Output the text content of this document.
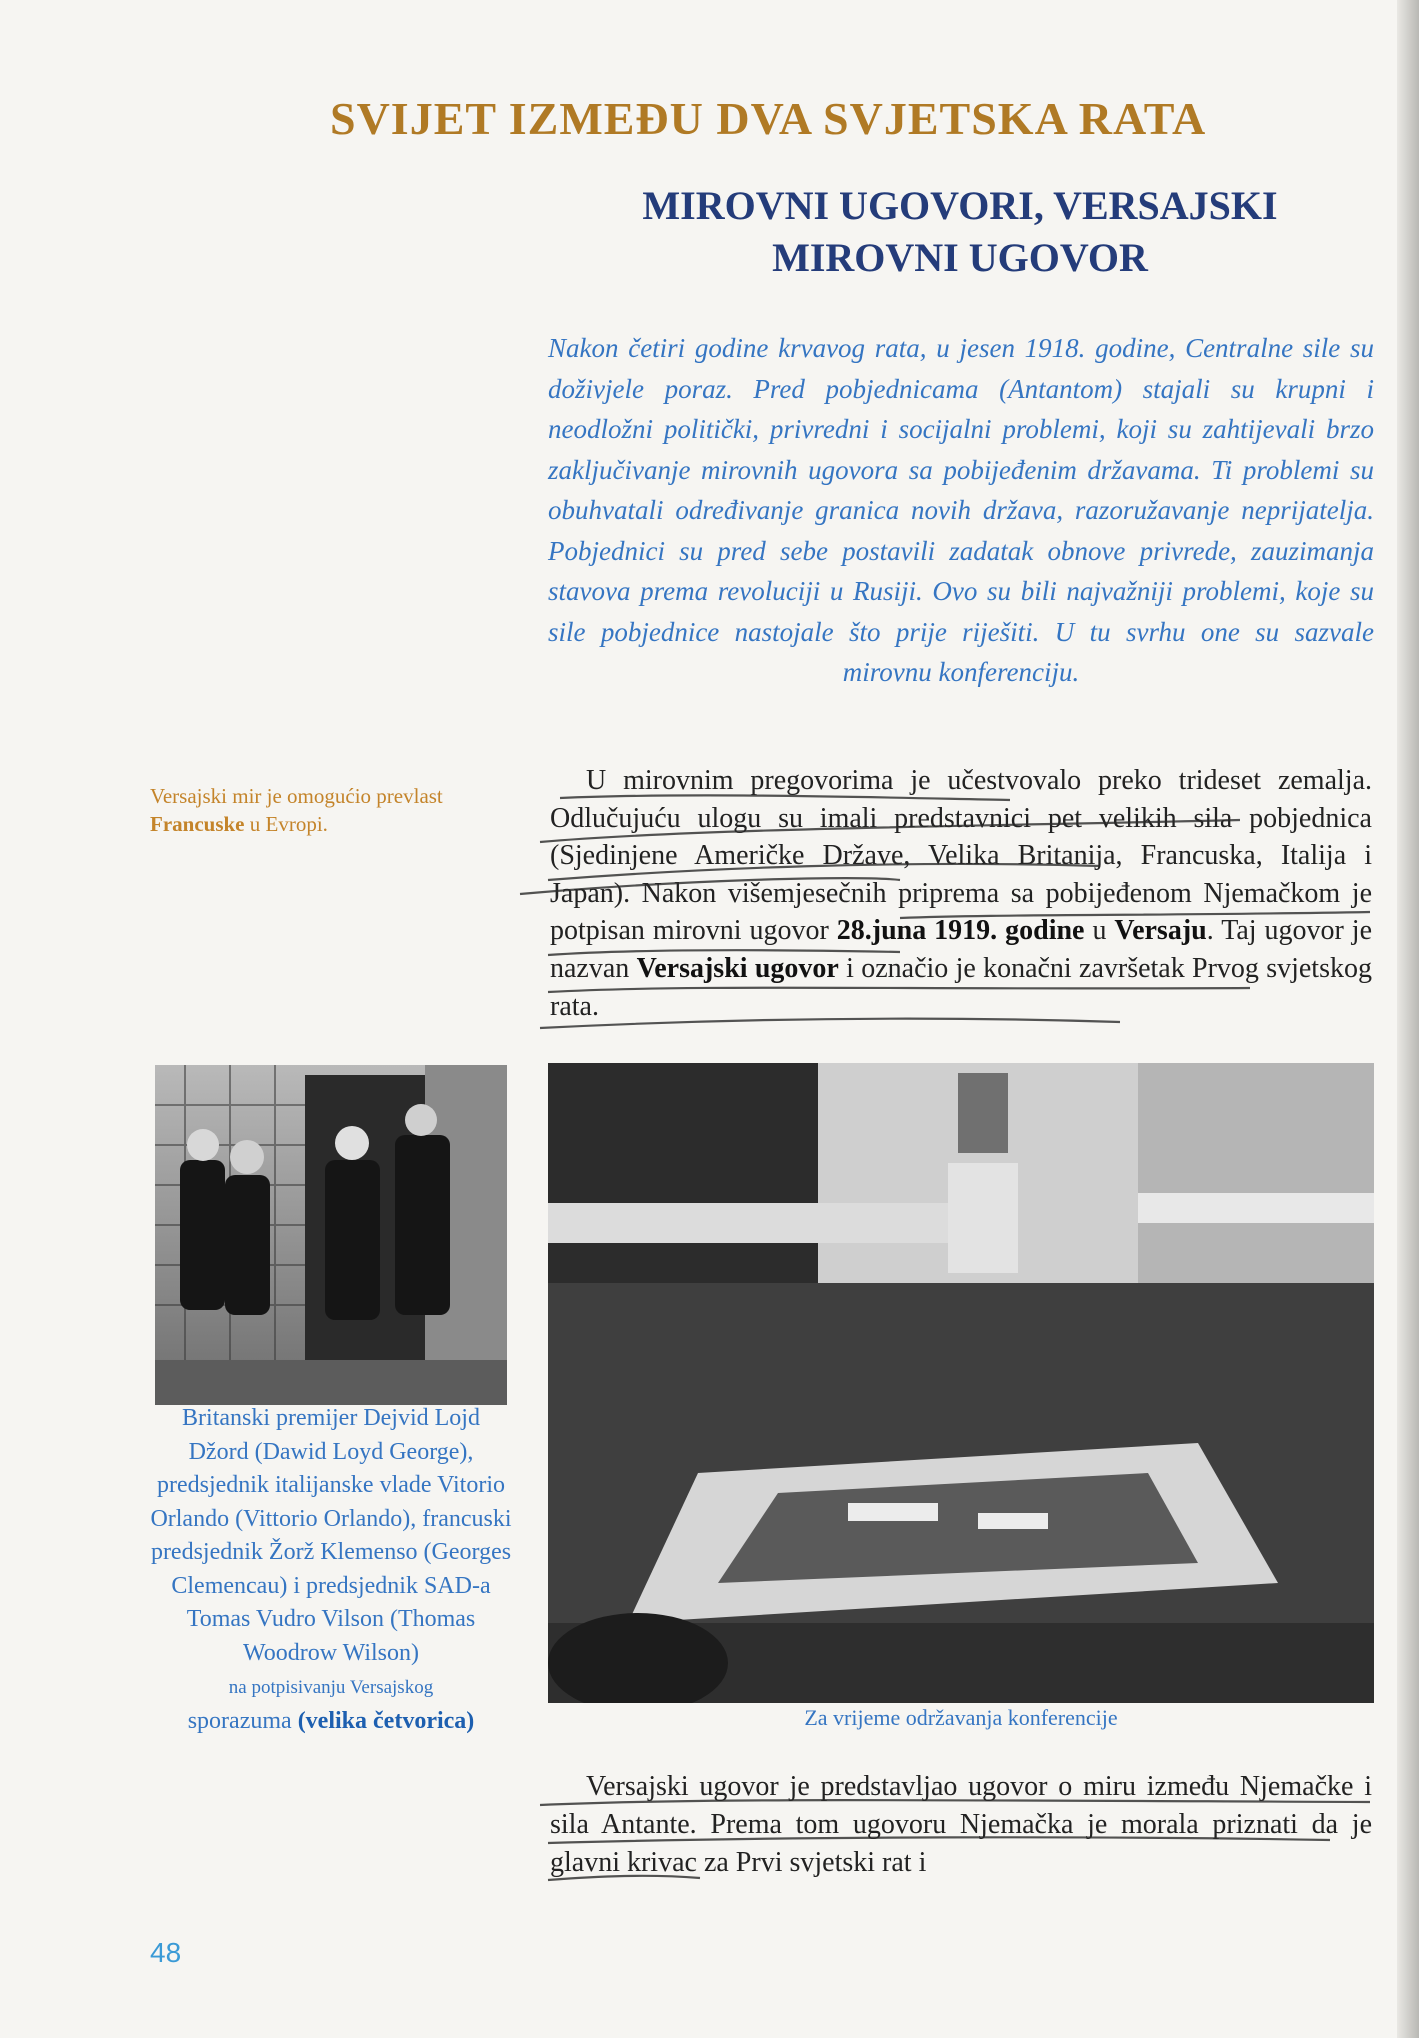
SVIJET IZMEĐU DVA SVJETSKA RATA
MIROVNI UGOVORI, VERSAJSKI
MIROVNI UGOVOR

Nakon četiri godine krvavog rata, u jesen 1918. godine, Centralne sile su doživjele poraz. Pred pobjednicama (Antantom) stajali su krupni i neodložni politički, privredni i socijalni problemi, koji su zahtijevali brzo zaključivanje mirovnih ugovora sa pobijeđenim državama. Ti problemi su obuhvatali određivanje granica novih država, razoružavanje neprijatelja. Pobjednici su pred sebe postavili zadatak obnove privrede, zauzimanja stavova prema revoluciji u Rusiji. Ovo su bili najvažniji problemi, koje su sile pobjednice nastojale što prije riješiti. U tu svrhu one su sazvale mirovnu konferenciju.

Versajski mir je omogućio prevlast Francuske u Evropi.

U mirovnim pregovorima je učestvovalo preko trideset zemalja. Odlučujuću ulogu su imali predstavnici pet velikih sila pobjednica (Sjedinjene Američke Države, Velika Britanija, Francuska, Italija i Japan). Nakon višemjesečnih priprema sa pobijeđenom Njemačkom je potpisan mirovni ugovor 28.juna 1919. godine u Versaju. Taj ugovor je nazvan Versajski ugovor i označio je konačni završetak Prvog svjetskog rata.

Britanski premijer Dejvid Lojd Džord (Dawid Loyd George), predsjednik italijanske vlade Vitorio Orlando (Vittorio Orlando), francuski predsjednik Žorž Klemenso (Georges Clemencau) i predsjednik SAD-a Tomas Vudro Vilson (Thomas Woodrow Wilson)
na potpisivanju Versajskog
sporazuma (velika četvorica)	Za vrijeme održavanja konferencije

Versajski ugovor je predstavljao ugovor o miru između Njemačke i sila Antante. Prema tom ugovoru Njemačka je morala priznati da je glavni krivac za Prvi svjetski rat i

48
